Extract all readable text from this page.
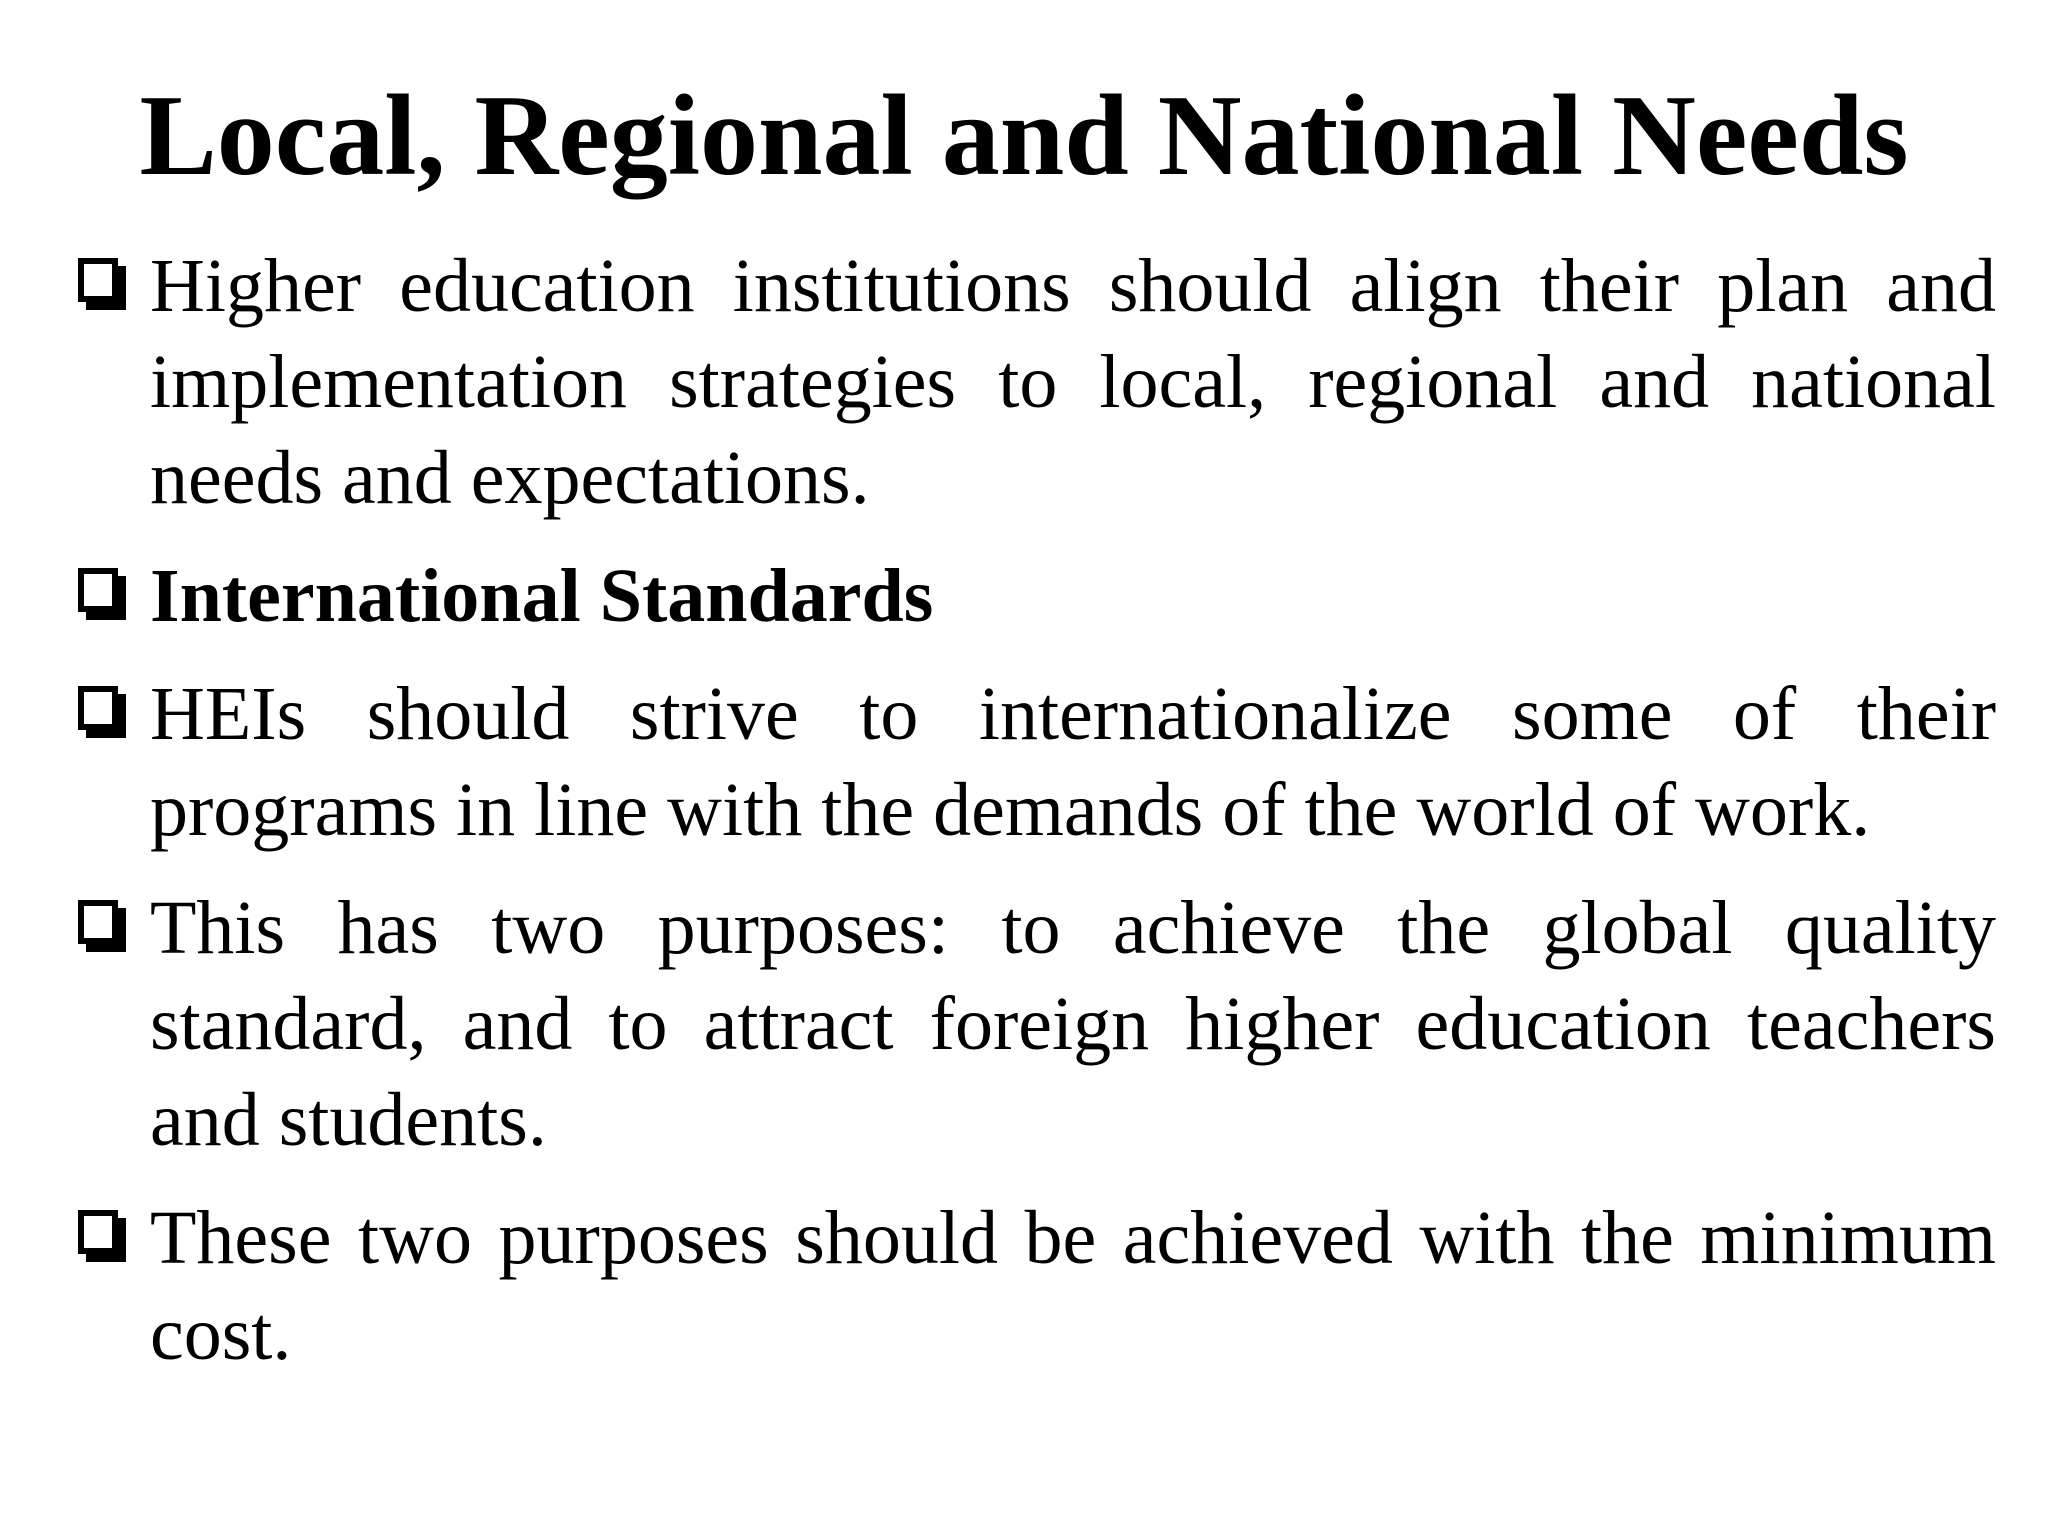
Local, Regional and National Needs
Higher education institutions should align their plan and implementation strategies to local, regional and national needs and expectations.
International Standards
HEIs should strive to internationalize some of their programs in line with the demands of the world of work.
This has two purposes: to achieve the global quality standard, and to attract foreign higher education teachers and students.
These two purposes should be achieved with the minimum cost.
